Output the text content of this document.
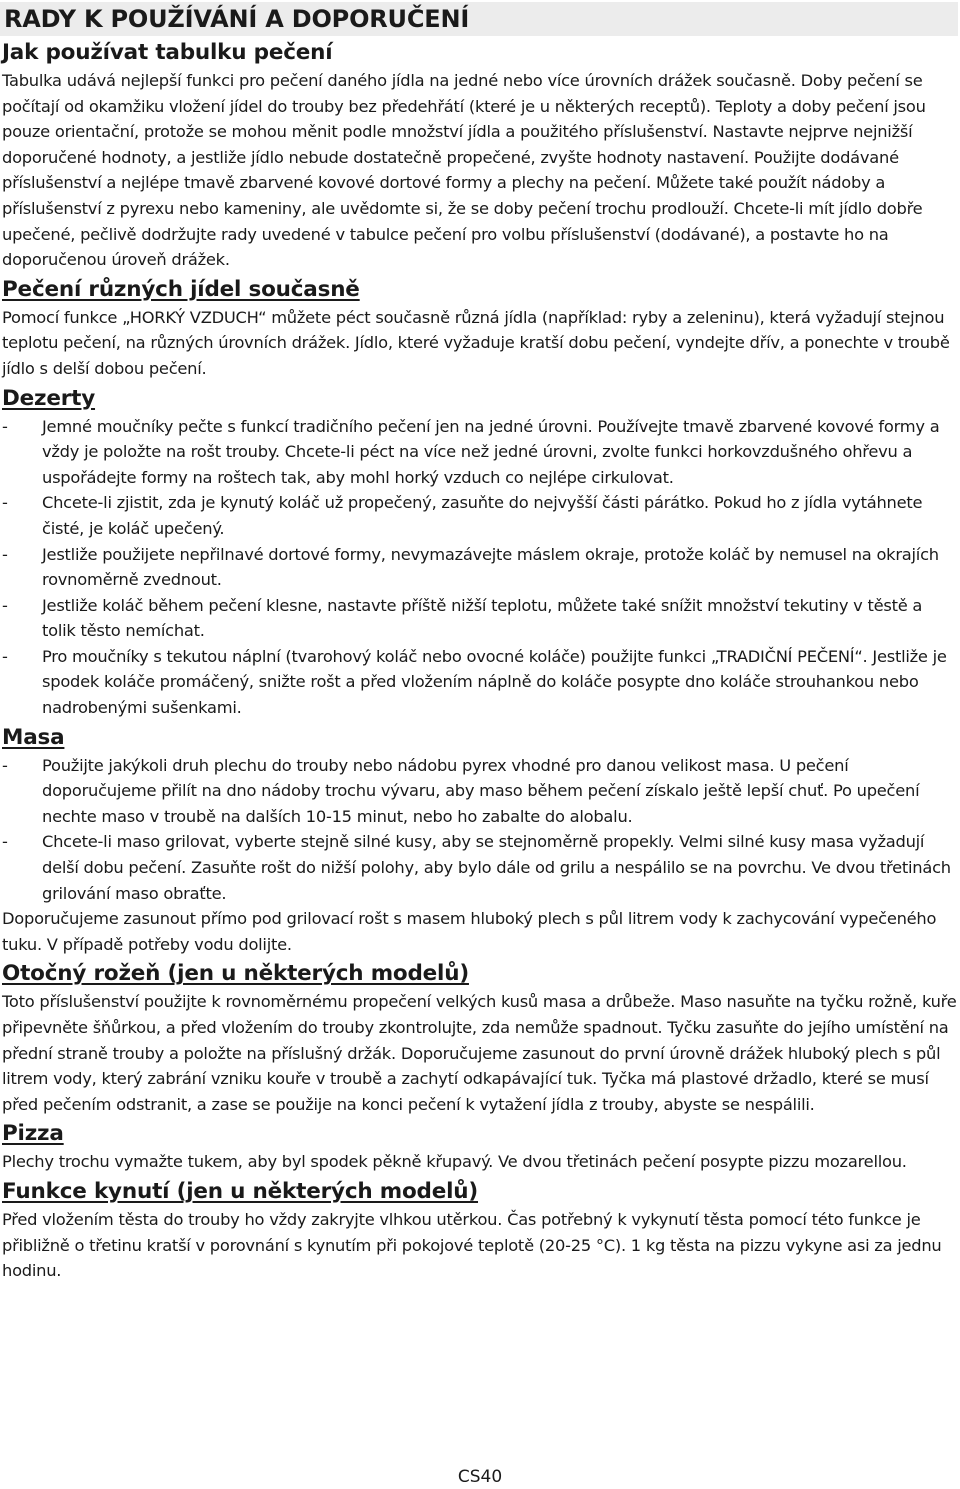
RADY K POUŽÍVÁNÍ A DOPORUČENÍ
Jak používat tabulku pečení

Tabulka udává nejlepší funkci pro pečení daného jídla na jedné nebo více úrovních drážek současně. Doby pečení se počítají od okamžiku vložení jídel do trouby bez předehřátí (které je u některých receptů). Teploty a doby pečení jsou pouze orientační, protože se mohou měnit podle množství jídla a použitého příslušenství. Nastavte nejprve nejnižší doporučené hodnoty, a jestliže jídlo nebude dostatečně propečené, zvyšte hodnoty nastavení. Použijte dodávané příslušenství a nejlépe tmavě zbarvené kovové dortové formy a plechy na pečení. Můžete také použít nádoby a příslušenství z pyrexu nebo kameniny, ale uvědomte si, že se doby pečení trochu prodlouží. Chcete-li mít jídlo dobře upečené, pečlivě dodržujte rady uvedené v tabulce pečení pro volbu příslušenství (dodávané), a postavte ho na doporučenou úroveň drážek.

Pečení různých jídel současně

Pomocí funkce „HORKÝ VZDUCH“ můžete péct současně různá jídla (například: ryby a zeleninu), která vyžadují stejnou teplotu pečení, na různých úrovních drážek. Jídlo, které vyžaduje kratší dobu pečení, vyndejte dřív, a ponechte v troubě jídlo s delší dobou pečení.

Dezerty
- Jemné moučníky pečte s funkcí tradičního pečení jen na jedné úrovni. Používejte tmavě zbarvené kovové formy a vždy je položte na rošt trouby. Chcete-li péct na více než jedné úrovni, zvolte funkci horkovzdušného ohřevu a uspořádejte formy na roštech tak, aby mohl horký vzduch co nejlépe cirkulovat.
- Chcete-li zjistit, zda je kynutý koláč už propečený, zasuňte do nejvyšší části párátko. Pokud ho z jídla vytáhnete čisté, je koláč upečený.
- Jestliže použijete nepřilnavé dortové formy, nevymazávejte máslem okraje, protože koláč by nemusel na okrajích rovnoměrně zvednout.
- Jestliže koláč během pečení klesne, nastavte příště nižší teplotu, můžete také snížit množství tekutiny v těstě a tolik těsto nemíchat.
- Pro moučníky s tekutou náplní (tvarohový koláč nebo ovocné koláče) použijte funkci „TRADIČNÍ PEČENÍ“. Jestliže je spodek koláče promáčený, snižte rošt a před vložením náplně do koláče posypte dno koláče strouhankou nebo nadrobenými sušenkami.
Masa
- Použijte jakýkoli druh plechu do trouby nebo nádobu pyrex vhodné pro danou velikost masa. U pečení doporučujeme přilít na dno nádoby trochu vývaru, aby maso během pečení získalo ještě lepší chuť. Po upečení nechte maso v troubě na dalších 10-15 minut, nebo ho zabalte do alobalu.
- Chcete-li maso grilovat, vyberte stejně silné kusy, aby se stejnoměrně propekly. Velmi silné kusy masa vyžadují delší dobu pečení. Zasuňte rošt do nižší polohy, aby bylo dále od grilu a nespálilo se na povrchu. Ve dvou třetinách grilování maso obraťte.

Doporučujeme zasunout přímo pod grilovací rošt s masem hluboký plech s půl litrem vody k zachycování vypečeného tuku. V případě potřeby vodu dolijte.

Otočný rožeň (jen u některých modelů)

Toto příslušenství použijte k rovnoměrnému propečení velkých kusů masa a drůbeže. Maso nasuňte na tyčku rožně, kuře připevněte šňůrkou, a před vložením do trouby zkontrolujte, zda nemůže spadnout. Tyčku zasuňte do jejího umístění na přední straně trouby a položte na příslušný držák. Doporučujeme zasunout do první úrovně drážek hluboký plech s půl litrem vody, který zabrání vzniku kouře v troubě a zachytí odkapávající tuk. Tyčka má plastové držadlo, které se musí před pečením odstranit, a zase se použije na konci pečení k vytažení jídla z trouby, abyste se nespálili.

Pizza

Plechy trochu vymažte tukem, aby byl spodek pěkně křupavý. Ve dvou třetinách pečení posypte pizzu mozarellou.

Funkce kynutí (jen u některých modelů)

Před vložením těsta do trouby ho vždy zakryjte vlhkou utěrkou. Čas potřebný k vykynutí těsta pomocí této funkce je přibližně o třetinu kratší v porovnání s kynutím při pokojové teplotě (20-25 °C). 1 kg těsta na pizzu vykyne asi za jednu hodinu.

CS40
